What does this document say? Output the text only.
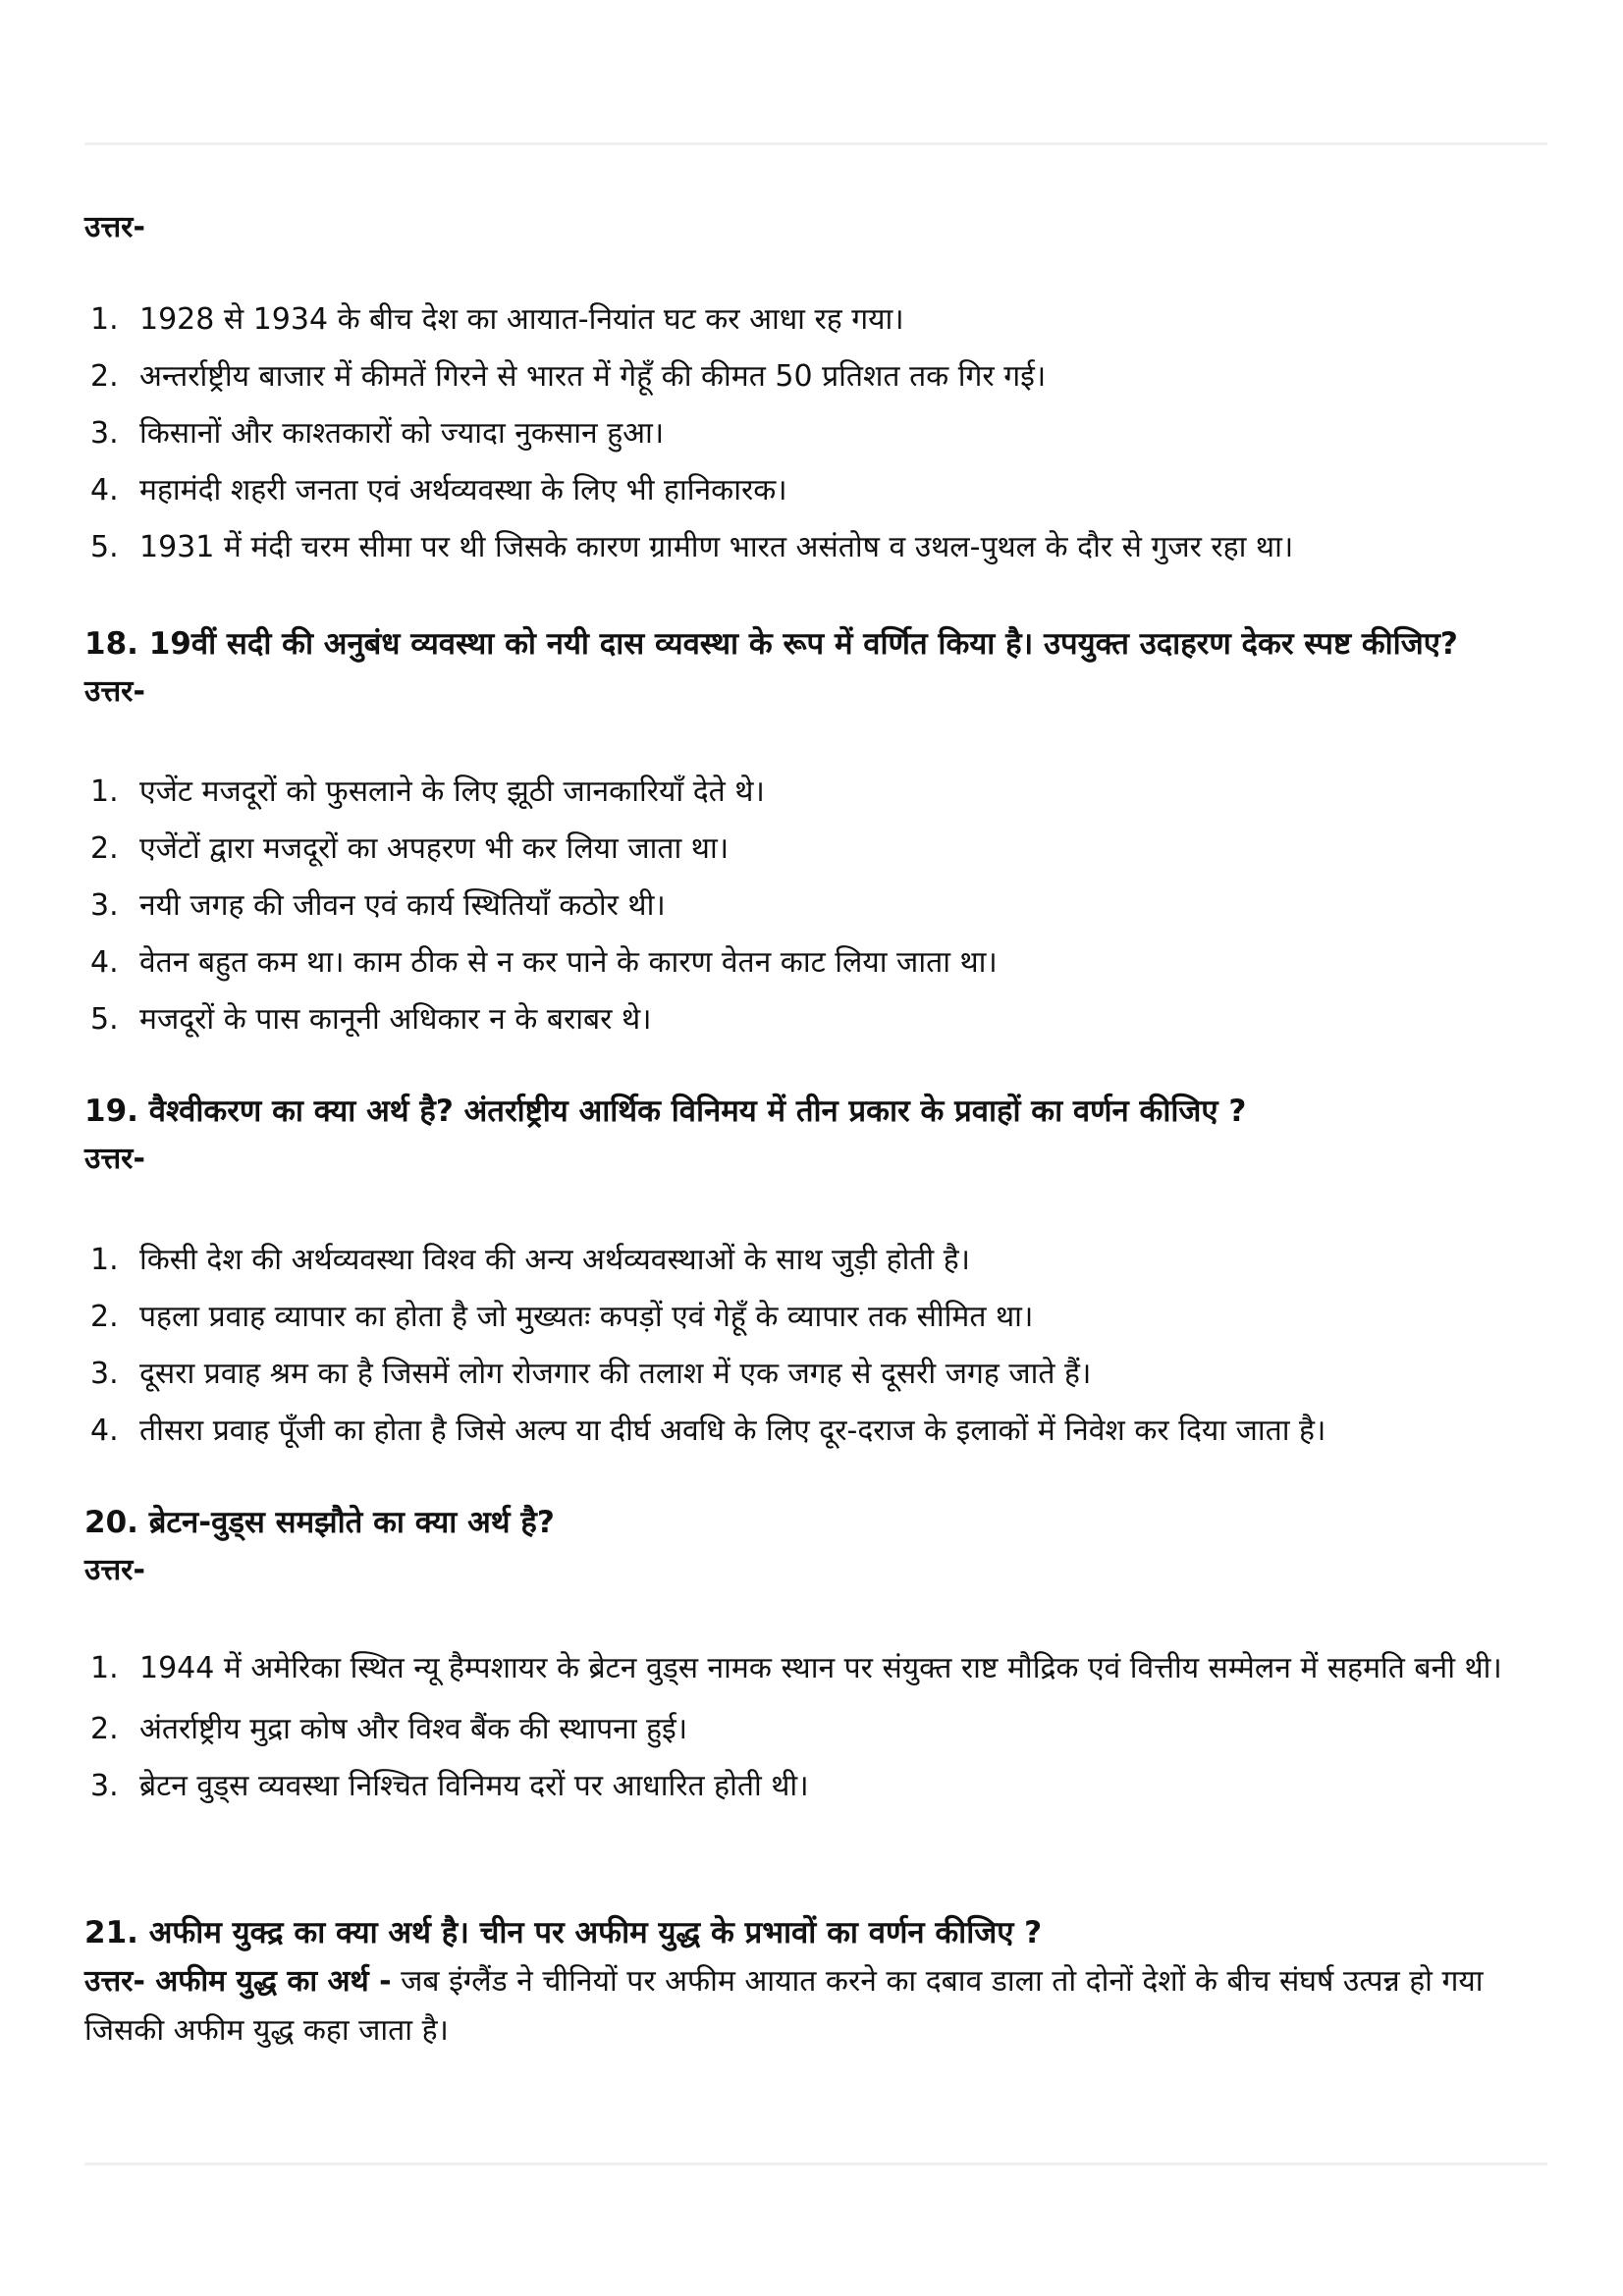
उत्तर-

1. 1928 से 1934 के बीच देश का आयात-नियांत घट कर आधा रह गया।
2. अन्तर्राष्ट्रीय बाजार में कीमतें गिरने से भारत में गेहूँ की कीमत 50 प्रतिशत तक गिर गई।
3. किसानों और काश्तकारों को ज्यादा नुकसान हुआ।
4. महामंदी शहरी जनता एवं अर्थव्यवस्था के लिए भी हानिकारक।
5. 1931 में मंदी चरम सीमा पर थी जिसके कारण ग्रामीण भारत असंतोष व उथल-पुथल के दौर से गुजर रहा था।

18. 19वीं सदी की अनुबंध व्यवस्था को नयी दास व्यवस्था के रूप में वर्णित किया है। उपयुक्त उदाहरण देकर स्पष्ट कीजिए?

उत्तर-

1. एजेंट मजदूरों को फुसलाने के लिए झूठी जानकारियाँ देते थे।
2. एजेंटों द्वारा मजदूरों का अपहरण भी कर लिया जाता था।
3. नयी जगह की जीवन एवं कार्य स्थितियाँ कठोर थी।
4. वेतन बहुत कम था। काम ठीक से न कर पाने के कारण वेतन काट लिया जाता था।
5. मजदूरों के पास कानूनी अधिकार न के बराबर थे।

19. वैश्वीकरण का क्या अर्थ है? अंतर्राष्ट्रीय आर्थिक विनिमय में तीन प्रकार के प्रवाहों का वर्णन कीजिए ?

उत्तर-

1. किसी देश की अर्थव्यवस्था विश्व की अन्य अर्थव्यवस्थाओं के साथ जुड़ी होती है।
2. पहला प्रवाह व्यापार का होता है जो मुख्यतः कपड़ों एवं गेहूँ के व्यापार तक सीमित था।
3. दूसरा प्रवाह श्रम का है जिसमें लोग रोजगार की तलाश में एक जगह से दूसरी जगह जाते हैं।
4. तीसरा प्रवाह पूँजी का होता है जिसे अल्प या दीर्घ अवधि के लिए दूर-दराज के इलाकों में निवेश कर दिया जाता है।

20. ब्रेटन-वुड्स समझौते का क्या अर्थ है?

उत्तर-

1. 1944 में अमेरिका स्थित न्यू हैम्पशायर के ब्रेटन वुड्स नामक स्थान पर संयुक्त राष्ट मौद्रिक एवं वित्तीय सम्मेलन में सहमति बनी थी।
2. अंतर्राष्ट्रीय मुद्रा कोष और विश्व बैंक की स्थापना हुई।
3. ब्रेटन वुड्स व्यवस्था निश्चित विनिमय दरों पर आधारित होती थी।

21. अफीम युक्द्र का क्या अर्थ है। चीन पर अफीम युद्ध के प्रभावों का वर्णन कीजिए ?

उत्तर- अफीम युद्ध का अर्थ - जब इंग्लैंड ने चीनियों पर अफीम आयात करने का दबाव डाला तो दोनों देशों के बीच संघर्ष उत्पन्न हो गया जिसकी अफीम युद्ध कहा जाता है।
